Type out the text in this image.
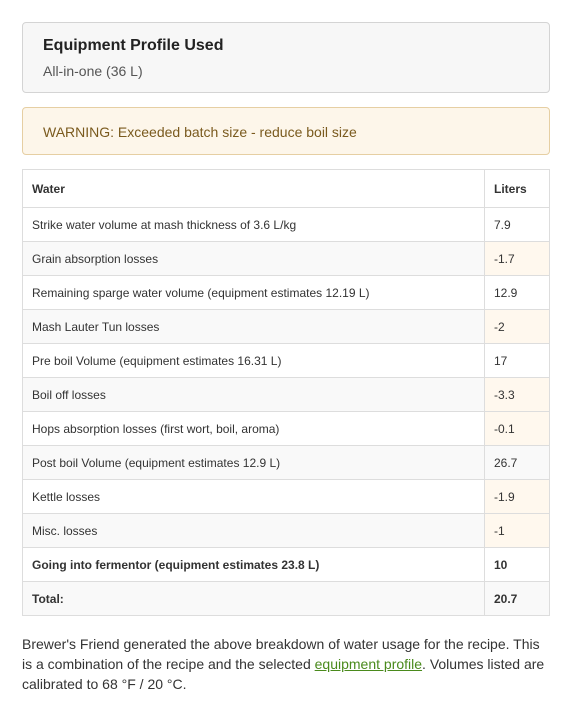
Equipment Profile Used
All-in-one (36 L)
WARNING: Exceeded batch size - reduce boil size
Water	Liters
Strike water volume at mash thickness of 3.6 L/kg	7.9
Grain absorption losses	-1.7
Remaining sparge water volume (equipment estimates 12.19 L)	12.9
Mash Lauter Tun losses	-2
Pre boil Volume (equipment estimates 16.31 L)	17
Boil off losses	-3.3
Hops absorption losses (first wort, boil, aroma)	-0.1
Post boil Volume (equipment estimates 12.9 L)	26.7
Kettle losses	-1.9
Misc. losses	-1
Going into fermentor (equipment estimates 23.8 L)	10
Total:	20.7
Brewer's Friend generated the above breakdown of water usage for the recipe. This is a combination of the recipe and the selected equipment profile. Volumes listed are calibrated to 68 °F / 20 °C.
